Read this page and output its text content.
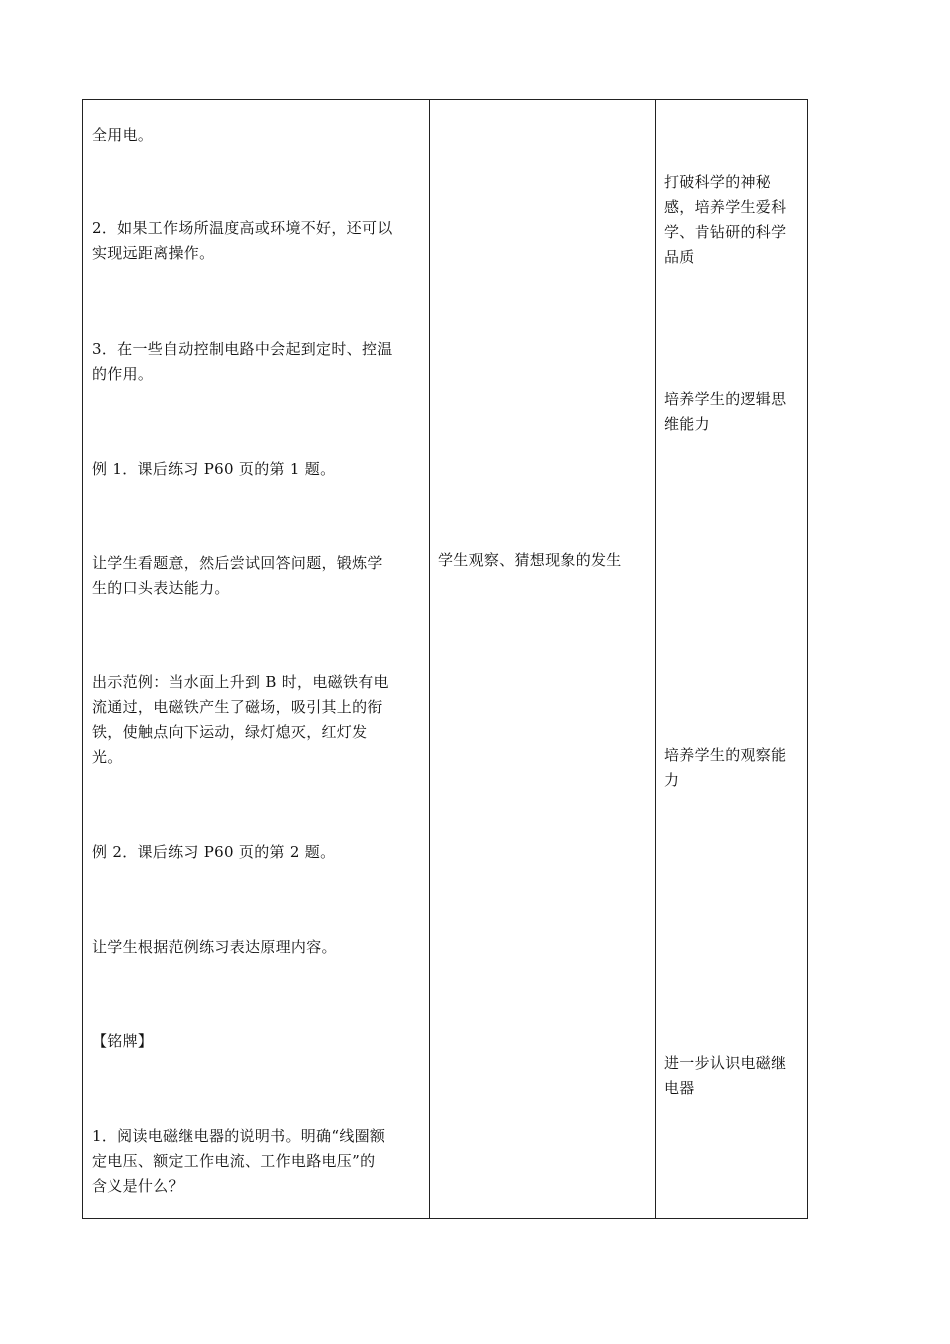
全用电。
2．如果工作场所温度高或环境不好，还可以
实现远距离操作。
3．在一些自动控制电路中会起到定时、控温
的作用。
例 1．课后练习 P60 页的第 1 题。
让学生看题意，然后尝试回答问题，锻炼学
生的口头表达能力。
出示范例：当水面上升到 B 时，电磁铁有电
流通过，电磁铁产生了磁场，吸引其上的衔
铁，使触点向下运动，绿灯熄灭，红灯发
光。
例 2．课后练习 P60 页的第 2 题。
让学生根据范例练习表达原理内容。
【铭牌】
1．阅读电磁继电器的说明书。明确“线圈额
定电压、额定工作电流、工作电路电压”的
含义是什么？
学生观察、猜想现象的发生
打破科学的神秘
感，培养学生爱科
学、肯钻研的科学
品质
培养学生的逻辑思
维能力
培养学生的观察能
力
进一步认识电磁继
电器
